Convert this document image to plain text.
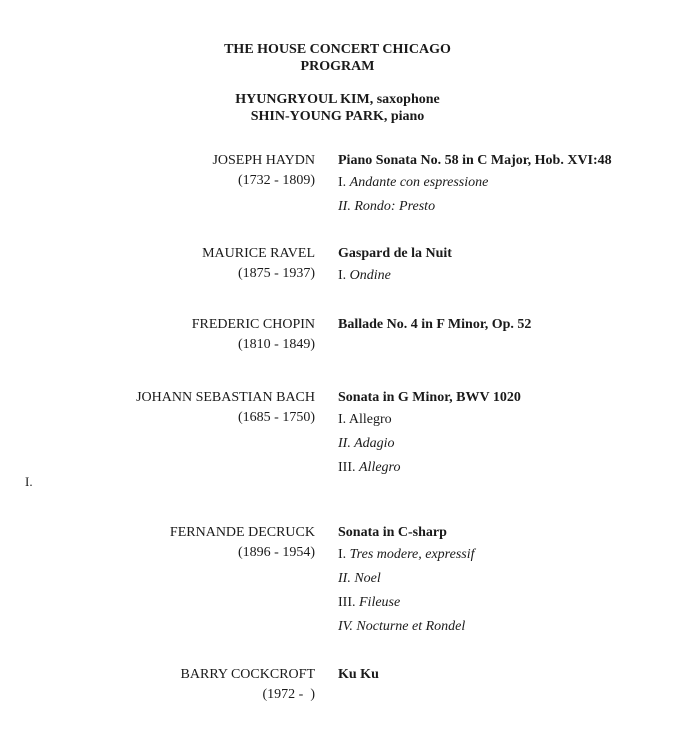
THE HOUSE CONCERT CHICAGO
PROGRAM
HYUNGRYOUL KIM, saxophone
SHIN-YOUNG PARK, piano
JOSEPH HAYDN
(1732 - 1809)
Piano Sonata No. 58 in C Major, Hob. XVI:48
I. Andante con espressione
II. Rondo: Presto
MAURICE RAVEL
(1875 - 1937)
Gaspard de la Nuit
I. Ondine
FREDERIC CHOPIN
(1810 - 1849)
Ballade No. 4 in F Minor, Op. 52
JOHANN SEBASTIAN BACH
(1685 - 1750)
Sonata in G Minor, BWV 1020
I. Allegro
II. Adagio
III. Allegro
FERNANDE DECRUCK
(1896 - 1954)
Sonata in C-sharp
I. Tres modere, expressif
II. Noel
III. Fileuse
IV. Nocturne et Rondel
BARRY COCKCROFT
(1972 -  )
Ku Ku
I.
